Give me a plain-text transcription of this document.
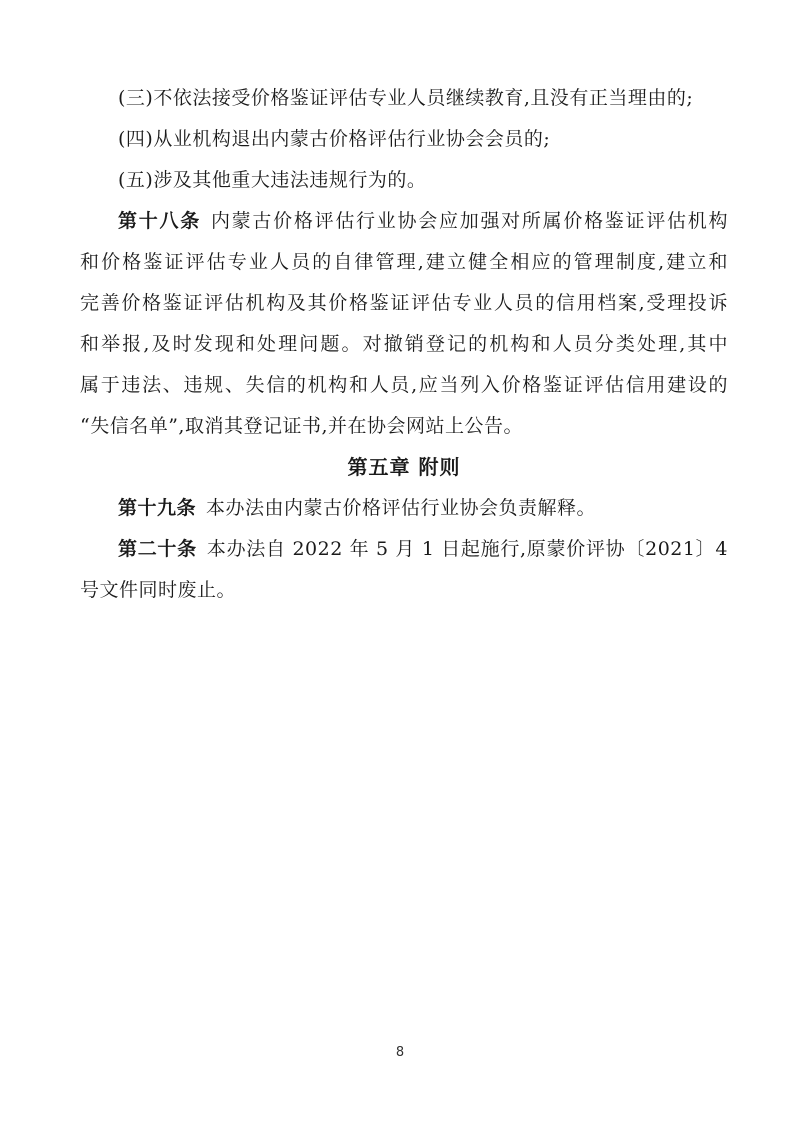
(三)不依法接受价格鉴证评估专业人员继续教育,且没有正当理由的;
(四)从业机构退出内蒙古价格评估行业协会会员的;
(五)涉及其他重大违法违规行为的。
第十八条 内蒙古价格评估行业协会应加强对所属价格鉴证评估机构
和价格鉴证评估专业人员的自律管理,建立健全相应的管理制度,建立和
完善价格鉴证评估机构及其价格鉴证评估专业人员的信用档案,受理投诉
和举报,及时发现和处理问题。对撤销登记的机构和人员分类处理,其中
属于违法、违规、失信的机构和人员,应当列入价格鉴证评估信用建设的
“失信名单”,取消其登记证书,并在协会网站上公告。
第五章 附则
第十九条 本办法由内蒙古价格评估行业协会负责解释。
第二十条 本办法自 2022 年 5 月 1 日起施行,原蒙价评协〔2021〕4
号文件同时废止。
8
